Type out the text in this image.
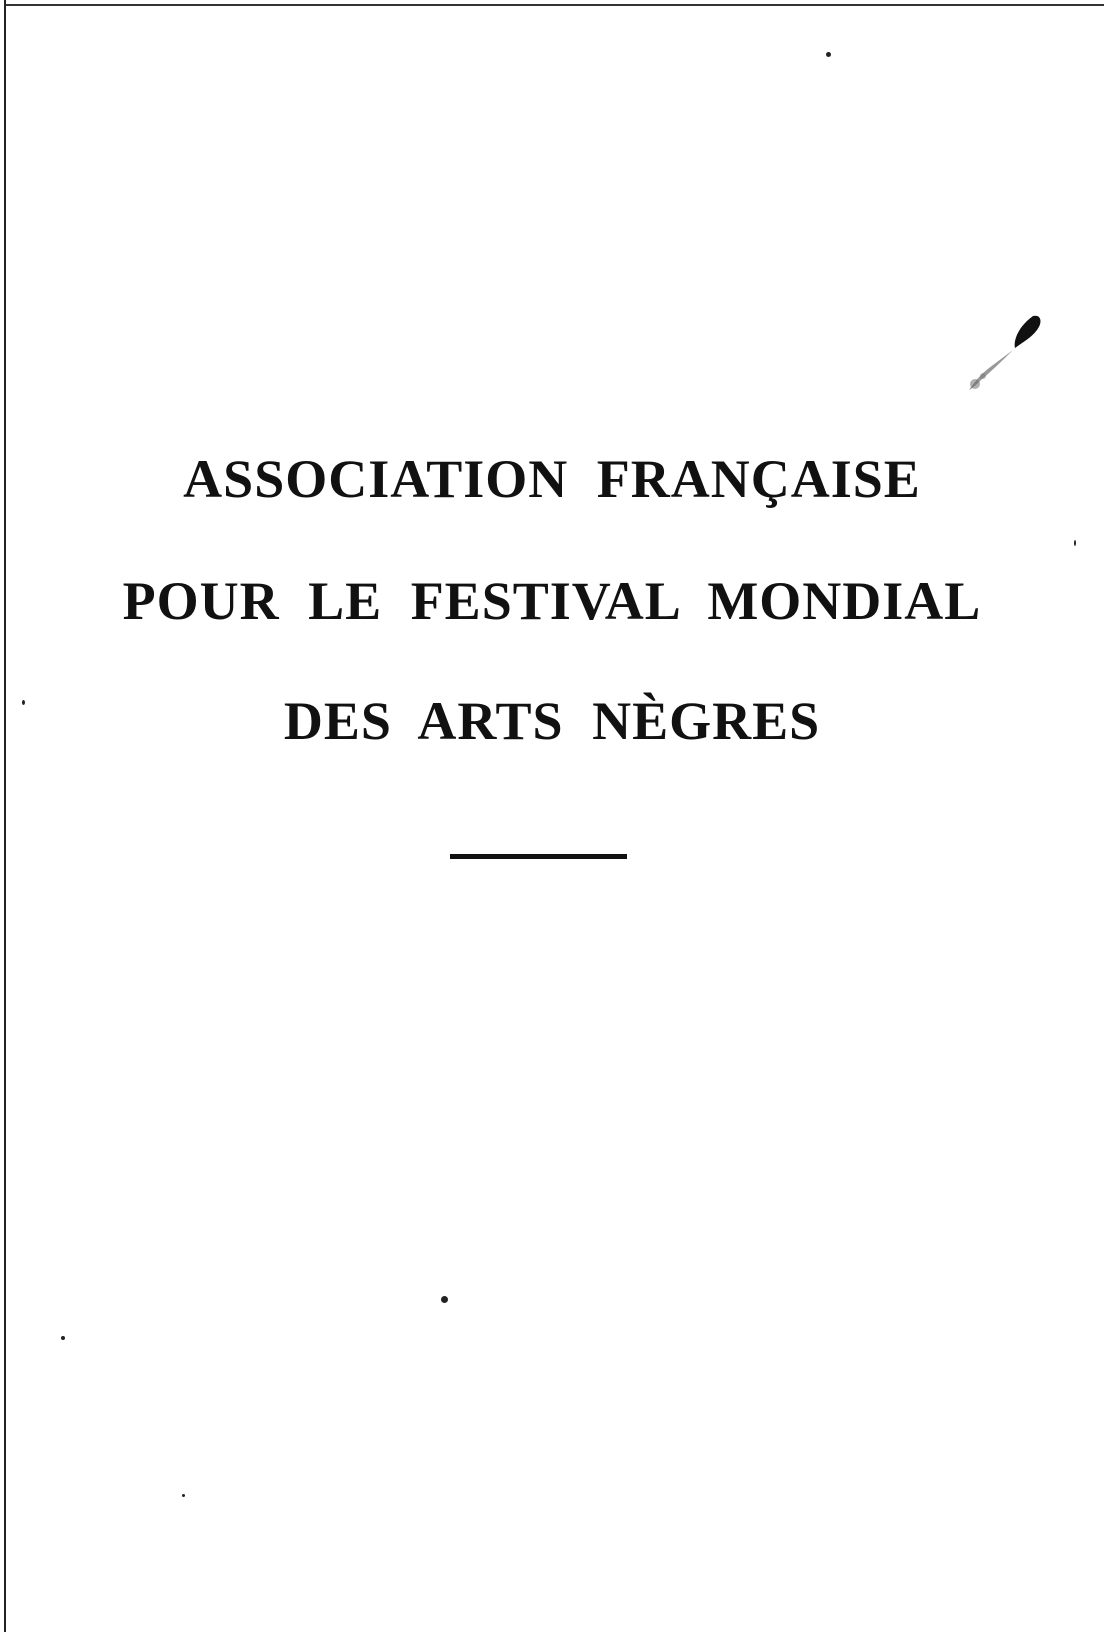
ASSOCIATION FRANÇAISE
POUR LE FESTIVAL MONDIAL
DES ARTS NÈGRES
